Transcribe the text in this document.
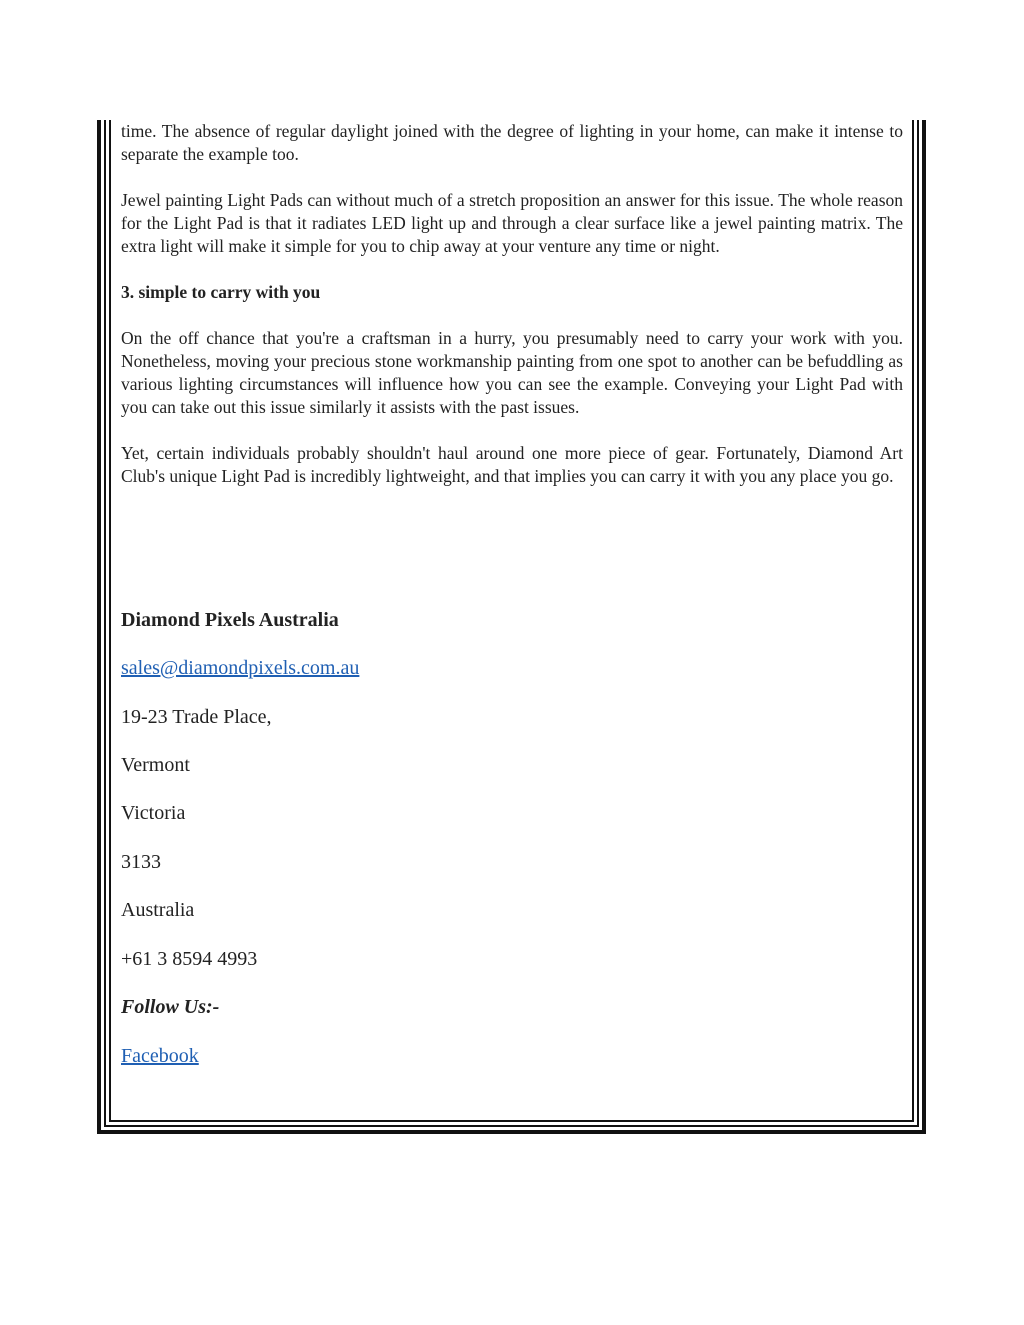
time. The absence of regular daylight joined with the degree of lighting in your home, can make it intense to separate the example too.

Jewel painting Light Pads can without much of a stretch proposition an answer for this issue. The whole reason for the Light Pad is that it radiates LED light up and through a clear surface like a jewel painting matrix. The extra light will make it simple for you to chip away at your venture any time or night.

3. simple to carry with you

On the off chance that you're a craftsman in a hurry, you presumably need to carry your work with you. Nonetheless, moving your precious stone workmanship painting from one spot to another can be befuddling as various lighting circumstances will influence how you can see the example. Conveying your Light Pad with you can take out this issue similarly it assists with the past issues.

Yet, certain individuals probably shouldn't haul around one more piece of gear. Fortunately, Diamond Art Club's unique Light Pad is incredibly lightweight, and that implies you can carry it with you any place you go.

Diamond Pixels Australia

sales@diamondpixels.com.au

19-23 Trade Place,

Vermont

Victoria

3133

Australia

+61 3 8594 4993

Follow Us:-

Facebook
